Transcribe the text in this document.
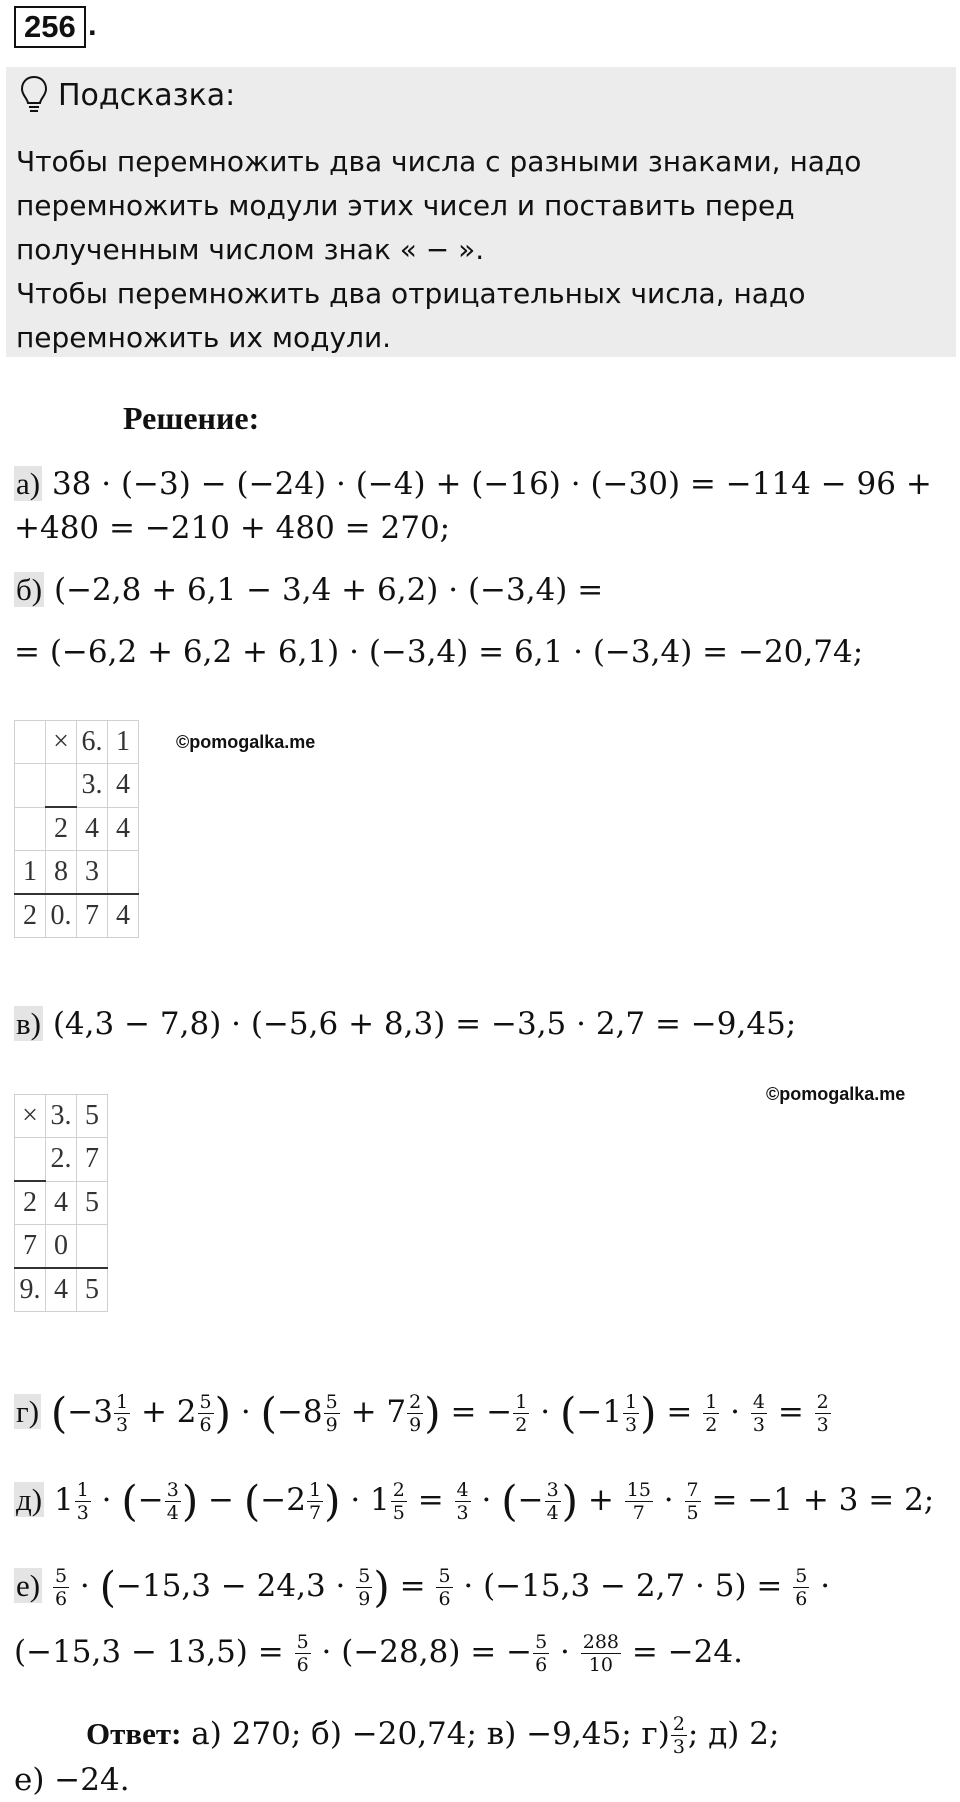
256 .
Подсказка:
Чтобы перемножить два числа с разными знаками, надо
перемножить модули этих чисел и поставить перед
полученным числом знак « − ».
Чтобы перемножить два отрицательных числа, надо
перемножить их модули.
Решение:
а) 38 · (−3) − (−24) · (−4) + (−16) · (−30) = −114 − 96 +
+480 = −210 + 480 = 270;
б) (−2,8 + 6,1 − 3,4 + 6,2) · (−3,4) =
= (−6,2 + 6,2 + 6,1) · (−3,4) = 6,1 · (−3,4) = −20,74;
	×	6.	1
		3.	4
	2	4	4
1	8	3	
2	0.	7	4
©pomogalka.me
в) (4,3 − 7,8) · (−5,6 + 8,3) = −3,5 · 2,7 = −9,45;
×	3.	5
	2.	7
2	4	5
7	0	
9.	4	5
©pomogalka.me
г) ($-3 \frac{1}{3} + 2 \frac{5}{6}$ ) · ($-8 \frac{5}{9} + 7 \frac{2}{9}$ ) = − $\frac{1}{2} \cdot (-1 \frac{1}{3}$ ) = $\frac{1}{2} \cdot \frac{4}{3} = \frac{2}{3}$
д) $1 \frac{1}{3}$ · (− $\frac{3}{4}$ ) − ($-2 \frac{1}{7}$ ) · $1 \frac{2}{5} = \frac{4}{3}$ · (− $\frac{3}{4}$ ) + $\frac{15}{7} \cdot \frac{7}{5} = -1 + 3 = 2$;
$е) \frac{5}{6} \cdot (-15,3 - 24,3 \cdot \frac{5}{9}$ ) = $\frac{5}{6} \cdot (-15,3 - 2,7 \cdot 5) = \frac{5}{6}$ ·
$(-15,3 - 13,5) = \frac{5}{6} \cdot (-28,8)$ = − $\frac{5}{6} \cdot \frac{288}{10} = -24$.
Ответ: а) 270; б) −20,74; в) −9,45; $г) \frac{2}{3}$ ; д) 2;
е) −24.
